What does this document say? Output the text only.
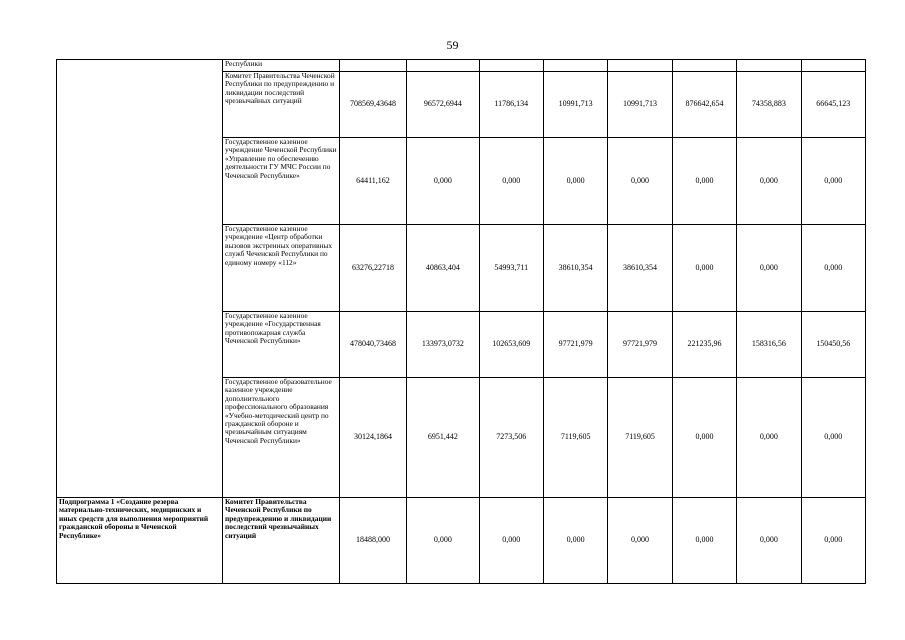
59
	Республики								
	Комитет Правительства Чеченской Республики по предупреждению и ликвидации последствий чрезвычайных ситуаций	708569,43648	96572,6944	11786,134	10991,713	10991,713	876642,654	74358,883	66645,123
	Государственное казенное учреждение Чеченской Республики «Управление по обеспечению деятельности ГУ МЧС России по Чеченской Республике»	64411,162	0,000	0,000	0,000	0,000	0,000	0,000	0,000
	Государственное казенное учреждение «Центр обработки вызовов экстренных оперативных служб Чеченской Республики по единому номеру «112»	63276,22718	40863,404	54993,711	38610,354	38610,354	0,000	0,000	0,000
	Государственное казенное учреждение «Государственная противопожарная служба Чеченской Республики»	478040,73468	133973,0732	102653,609	97721,979	97721,979	221235,96	158316,56	150450,56
	Государственное образовательное казенное учреждение дополнительного профессионального образования «Учебно-методический центр по гражданской обороне и чрезвычайным ситуациям Чеченской Республики»	30124,1864	6951,442	7273,506	7119,605	7119,605	0,000	0,000	0,000
Подпрограмма 1 «Создание резерва материально-технических, медицинских и иных средств для выполнения мероприятий гражданской обороны в Чеченской Республике»	Комитет Правительства Чеченской Республики по предупреждению и ликвидации последствий чрезвычайных ситуаций	18488,000	0,000	0,000	0,000	0,000	0,000	0,000	0,000
